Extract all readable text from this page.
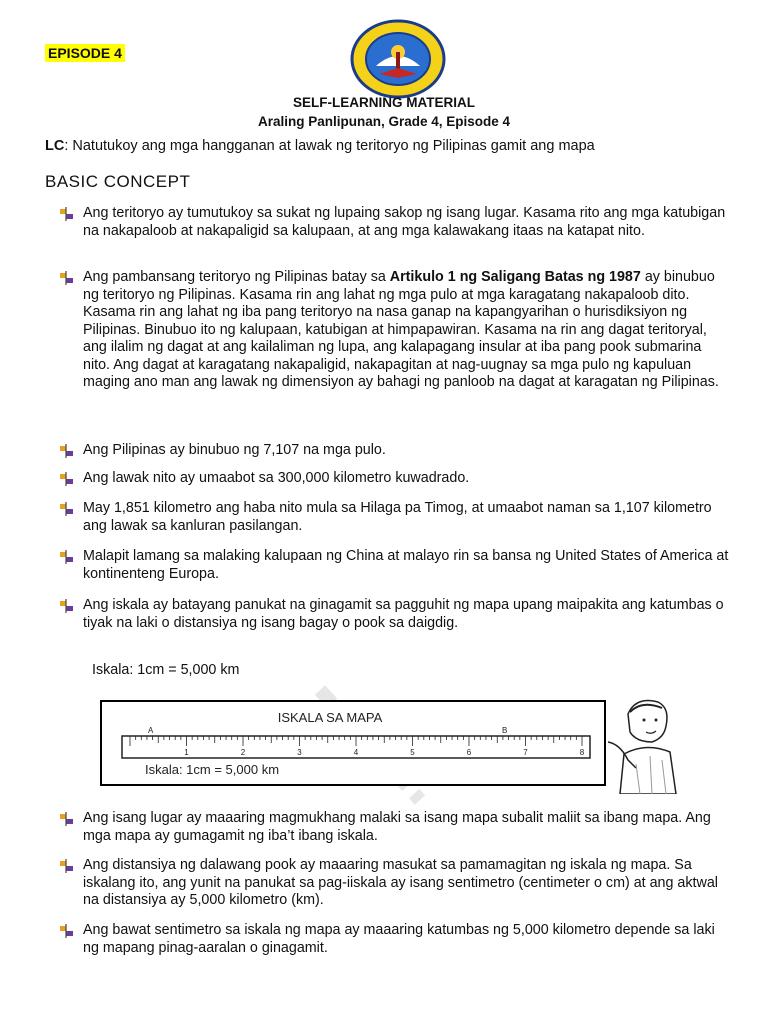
EPISODE 4
SELF-LEARNING MATERIAL
Araling Panlipunan, Grade 4, Episode 4
LC: Natutukoy ang mga hangganan at lawak ng teritoryo ng Pilipinas gamit ang mapa
BASIC CONCEPT
Ang teritoryo ay tumutukoy sa sukat ng lupaing sakop ng isang lugar. Kasama rito ang mga katubigan na nakapaloob at nakapaligid sa kalupaan, at ang mga kalawakang itaas na katapat nito.
Ang pambansang teritoryo ng Pilipinas batay sa Artikulo 1 ng Saligang Batas ng 1987 ay binubuo ng teritoryo ng Pilipinas. Kasama rin ang lahat ng mga pulo at mga karagatang nakapaloob dito. Kasama rin ang lahat ng iba pang teritoryo na nasa ganap na kapangyarihan o hurisdiksiyon ng Pilipinas. Binubuo ito ng kalupaan, katubigan at himpapawiran. Kasama na rin ang dagat teritoryal, ang ilalim ng dagat at ang kailaliman ng lupa, ang kalapagang insular at iba pang pook submarina nito. Ang dagat at karagatang nakapaligid, nakapagitan at nag-uugnay sa mga pulo ng kapuluan maging ano man ang lawak ng dimensiyon ay bahagi ng panloob na dagat at karagatan ng Pilipinas.
Ang Pilipinas ay binubuo ng 7,107 na mga pulo.
Ang lawak nito ay umaabot sa 300,000 kilometro kuwadrado.
May 1,851 kilometro ang haba nito mula sa Hilaga pa Timog, at umaabot naman sa 1,107 kilometro ang lawak sa kanluran pasilangan.
Malapit lamang sa malaking kalupaan ng China at malayo rin sa bansa ng United States of America at kontinenteng Europa.
Ang iskala ay batayang panukat na ginagamit sa pagguhit ng mapa upang maipakita ang katumbas o tiyak na laki o distansiya ng isang bagay o pook sa daigdig.
Iskala: 1cm = 5,000 km
ISKALA SA MAPA
A	B
1	2	3	4	5	6	7	8
Iskala: 1cm = 5,000 km
Ang isang lugar ay maaaring magmukhang malaki sa isang mapa subalit maliit sa ibang mapa. Ang mga mapa ay gumagamit ng iba’t ibang iskala.
Ang distansiya ng dalawang pook ay maaaring masukat sa pamamagitan ng iskala ng mapa. Sa iskalang ito, ang yunit na panukat sa pag-iiskala ay isang sentimetro (centimeter o cm) at ang aktwal na distansiya ay 5,000 kilometro (km).
Ang bawat sentimetro sa iskala ng mapa ay maaaring katumbas ng 5,000 kilometro depende sa laki ng mapang pinag-aaralan o ginagamit.
